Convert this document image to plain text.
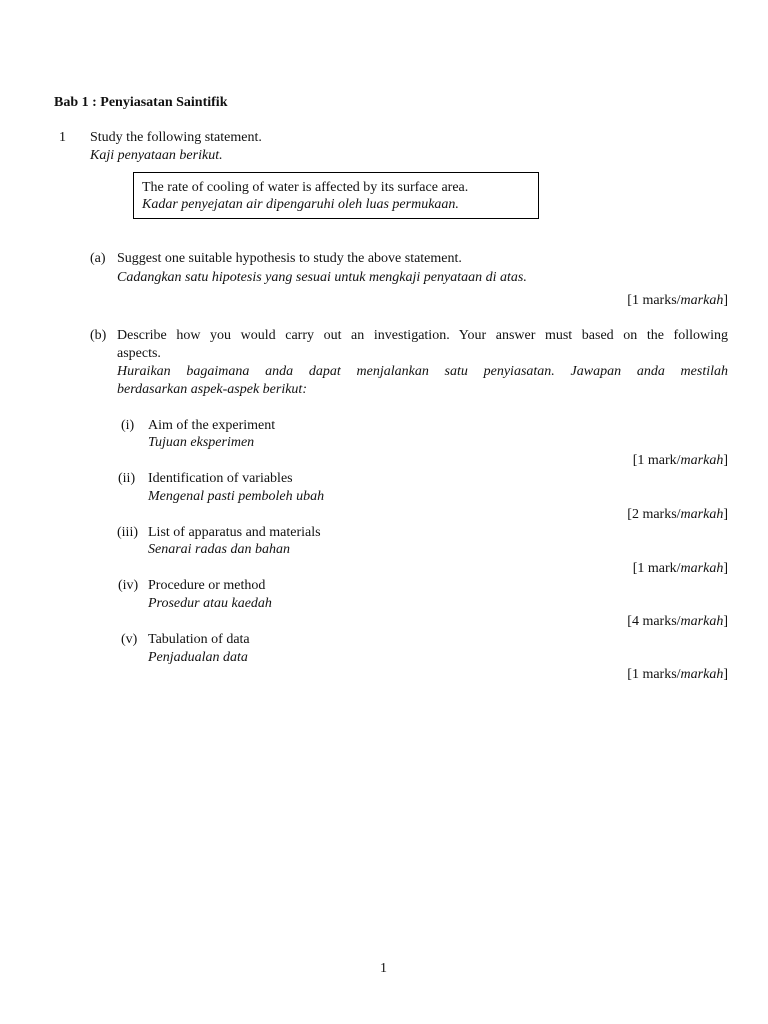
Bab 1 : Penyiasatan Saintifik
1 Study the following statement.
Kaji penyataan berikut.
The rate of cooling of water is affected by its surface area.
Kadar penyejatan air dipengaruhi oleh luas permukaan.
(a) Suggest one suitable hypothesis to study the above statement.
Cadangkan satu hipotesis yang sesuai untuk mengkaji penyataan di atas.
[1 marks/markah]
(b) Describe how you would carry out an investigation. Your answer must based on the following
aspects.
Huraikan bagaimana anda dapat menjalankan satu penyiasatan. Jawapan anda mestilah
berdasarkan aspek-aspek berikut:
(i) Aim of the experiment
Tujuan eksperimen
[1 mark/markah]
(ii) Identification of variables
Mengenal pasti pemboleh ubah
[2 marks/markah]
(iii) List of apparatus and materials
Senarai radas dan bahan
[1 mark/markah]
(iv) Procedure or method
Prosedur atau kaedah
[4 marks/markah]
(v) Tabulation of data
Penjadualan data
[1 marks/markah]
1
